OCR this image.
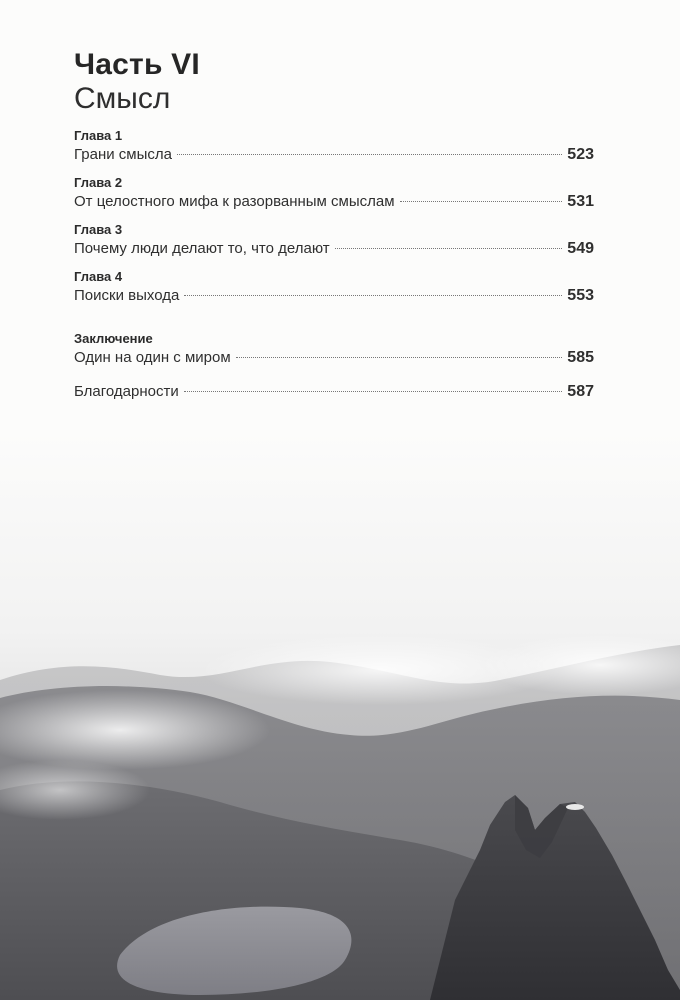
Часть VI
Смысл
Глава 1
Грани смысла	523
Глава 2
От целостного мифа к разорванным смыслам	531
Глава 3
Почему люди делают то, что делают	549
Глава 4
Поиски выхода	553
Заключение
Один на один с миром	585
Благодарности	587
